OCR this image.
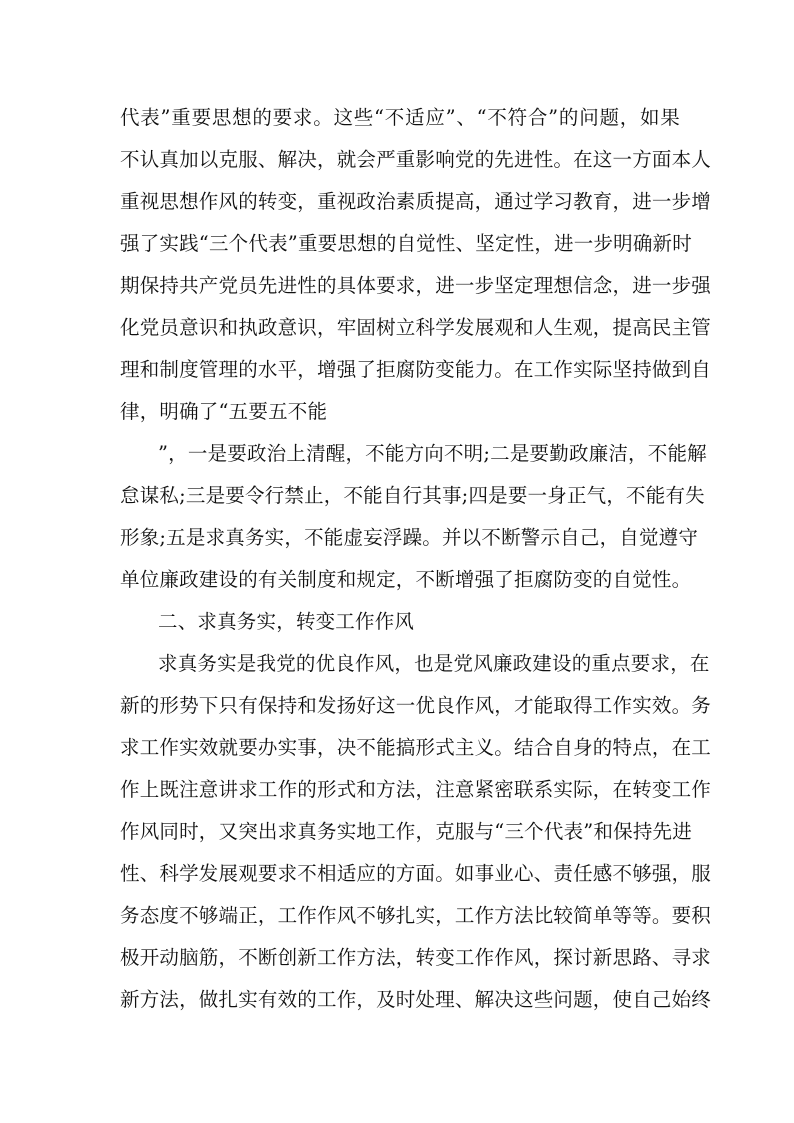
代表”重要思想的要求。这些“不适应”、“不符合”的问题，如果
不认真加以克服、解决，就会严重影响党的先进性。在这一方面本人
重视思想作风的转变，重视政治素质提高，通过学习教育，进一步增
强了实践“三个代表”重要思想的自觉性、坚定性，进一步明确新时
期保持共产党员先进性的具体要求，进一步坚定理想信念，进一步强
化党员意识和执政意识，牢固树立科学发展观和人生观，提高民主管
理和制度管理的水平，增强了拒腐防变能力。在工作实际坚持做到自
律，明确了“五要五不能
”，一是要政治上清醒，不能方向不明;二是要勤政廉洁，不能解
怠谋私;三是要令行禁止，不能自行其事;四是要一身正气，不能有失
形象;五是求真务实，不能虚妄浮躁。并以不断警示自己，自觉遵守
单位廉政建设的有关制度和规定，不断增强了拒腐防变的自觉性。
二、求真务实，转变工作作风
求真务实是我党的优良作风，也是党风廉政建设的重点要求，在
新的形势下只有保持和发扬好这一优良作风，才能取得工作实效。务
求工作实效就要办实事，决不能搞形式主义。结合自身的特点，在工
作上既注意讲求工作的形式和方法，注意紧密联系实际，在转变工作
作风同时，又突出求真务实地工作，克服与“三个代表”和保持先进
性、科学发展观要求不相适应的方面。如事业心、责任感不够强，服
务态度不够端正，工作作风不够扎实，工作方法比较简单等等。要积
极开动脑筋，不断创新工作方法，转变工作作风，探讨新思路、寻求
新方法，做扎实有效的工作，及时处理、解决这些问题，使自己始终
